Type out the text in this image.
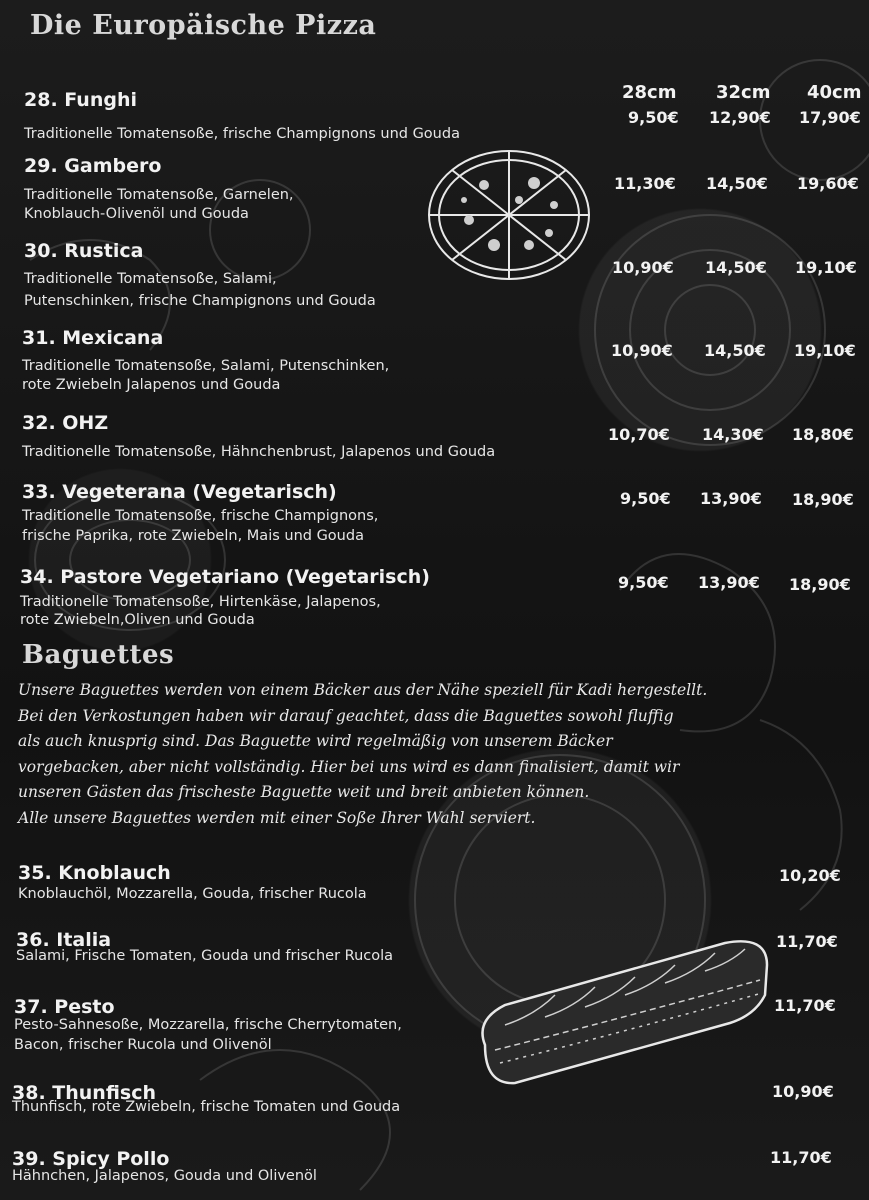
Die Europäische Pizza
28cm 32cm 40cm
28. Funghi
Traditionelle Tomatensoße, frische Champignons und Gouda
9,50€ 12,90€ 17,90€
29. Gambero
Traditionelle Tomatensoße, Garnelen,
Knoblauch-Olivenöl und Gouda
11,30€ 14,50€ 19,60€
30. Rustica
Traditionelle Tomatensoße, Salami,
Putenschinken, frische Champignons und Gouda
10,90€ 14,50€ 19,10€
31. Mexicana
Traditionelle Tomatensoße, Salami, Putenschinken,
rote Zwiebeln Jalapenos und Gouda
10,90€ 14,50€ 19,10€
32. OHZ
Traditionelle Tomatensoße, Hähnchenbrust, Jalapenos und Gouda
10,70€ 14,30€ 18,80€
33. Vegeterana (Vegetarisch)
Traditionelle Tomatensoße, frische Champignons,
frische Paprika, rote Zwiebeln, Mais und Gouda
9,50€ 13,90€ 18,90€
34. Pastore Vegetariano (Vegetarisch)
Traditionelle Tomatensoße, Hirtenkäse, Jalapenos,
rote Zwiebeln,Oliven und Gouda
9,50€ 13,90€ 18,90€
Baguettes
Unsere Baguettes werden von einem Bäcker aus der Nähe speziell für Kadi hergestellt.
Bei den Verkostungen haben wir darauf geachtet, dass die Baguettes sowohl fluffig
als auch knusprig sind. Das Baguette wird regelmäßig von unserem Bäcker
vorgebacken, aber nicht vollständig. Hier bei uns wird es dann finalisiert, damit wir
unseren Gästen das frischeste Baguette weit und breit anbieten können.
Alle unsere Baguettes werden mit einer Soße Ihrer Wahl serviert.
35. Knoblauch
Knoblauchöl, Mozzarella, Gouda, frischer Rucola
10,20€
36. Italia
Salami, Frische Tomaten, Gouda und frischer Rucola
11,70€
37. Pesto
Pesto-Sahnesoße, Mozzarella, frische Cherrytomaten,
Bacon, frischer Rucola und Olivenöl
11,70€
38. Thunfisch
Thunfisch, rote Zwiebeln, frische Tomaten und Gouda
10,90€
39. Spicy Pollo
Hähnchen, Jalapenos, Gouda und Olivenöl
11,70€
